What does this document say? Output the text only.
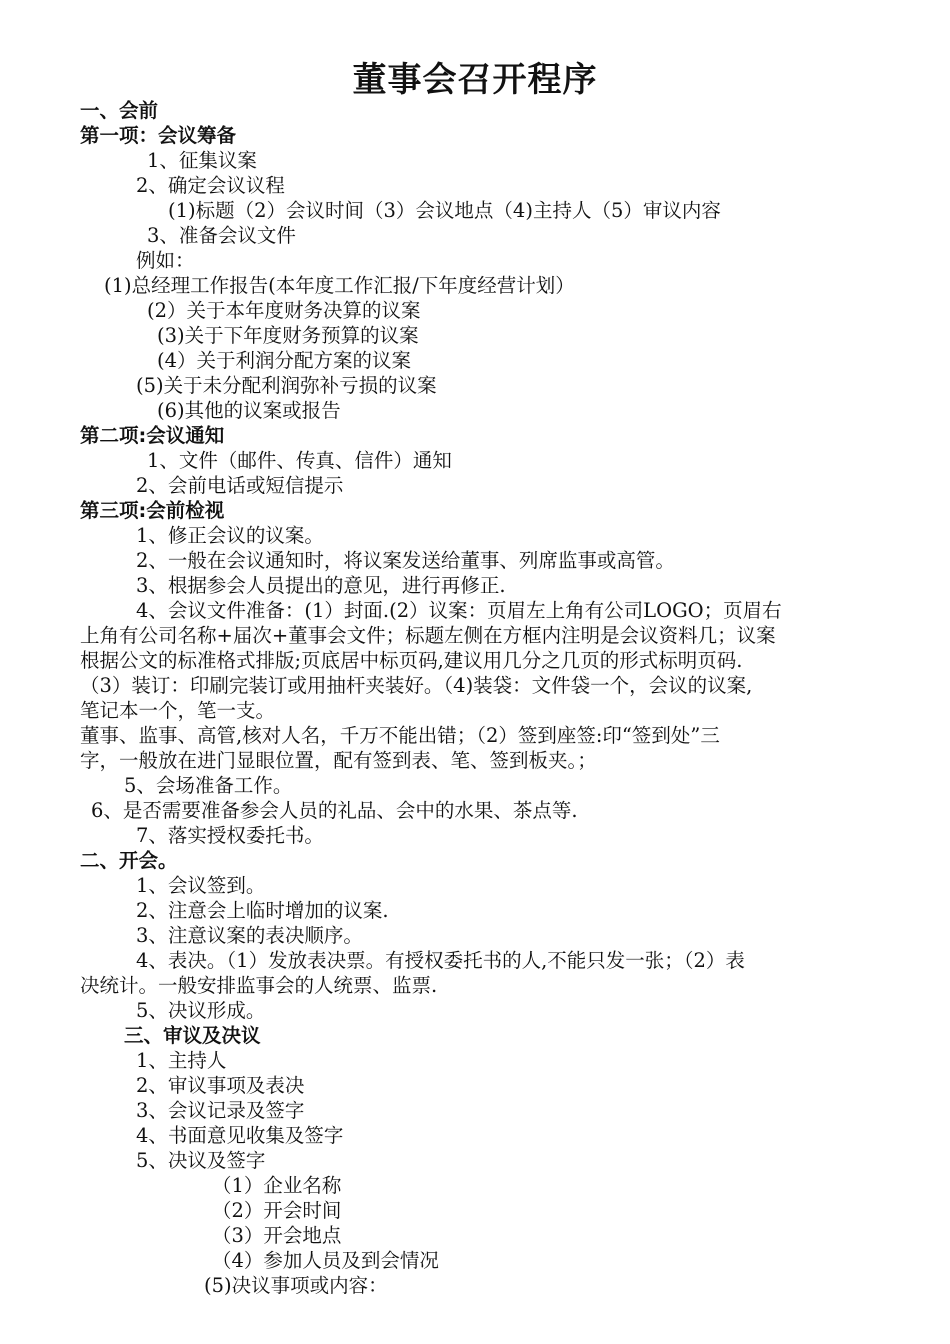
董事会召开程序
一、会前
第一项：会议筹备
1、征集议案
2、确定会议议程
(1)标题（2）会议时间（3）会议地点（4)主持人（5）审议内容
3、准备会议文件
例如：
(1)总经理工作报告(本年度工作汇报/下年度经营计划）
(2）关于本年度财务决算的议案
(3)关于下年度财务预算的议案
(4）关于利润分配方案的议案
(5)关于未分配利润弥补亏损的议案
(6)其他的议案或报告
第二项:会议通知
1、文件（邮件、传真、信件）通知
2、会前电话或短信提示
第三项:会前检视
1、修正会议的议案。
2、一般在会议通知时，将议案发送给董事、列席监事或高管。
3、根据参会人员提出的意见，进行再修正.
4、会议文件准备：(1）封面.(2）议案：页眉左上角有公司LOGO；页眉右
上角有公司名称+届次+董事会文件；标题左侧在方框内注明是会议资料几；议案
根据公文的标准格式排版;页底居中标页码,建议用几分之几页的形式标明页码.
（3）装订：印刷完装订或用抽杆夹装好。（4)装袋：文件袋一个，会议的议案,
笔记本一个，笔一支。
董事、监事、高管,核对人名，千万不能出错；（2）签到座签:印“签到处”三
字，一般放在进门显眼位置，配有签到表、笔、签到板夹。；
5、会场准备工作。
6、是否需要准备参会人员的礼品、会中的水果、茶点等.
7、落实授权委托书。
二、开会。
1、会议签到。
2、注意会上临时增加的议案.
3、注意议案的表决顺序。
4、表决。（1）发放表决票。有授权委托书的人,不能只发一张；（2）表
决统计。一般安排监事会的人统票、监票.
5、决议形成。
三、审议及决议
1、主持人
2、审议事项及表决
3、会议记录及签字
4、书面意见收集及签字
5、决议及签字
（1）企业名称
（2）开会时间
（3）开会地点
（4）参加人员及到会情况
(5)决议事项或内容：
